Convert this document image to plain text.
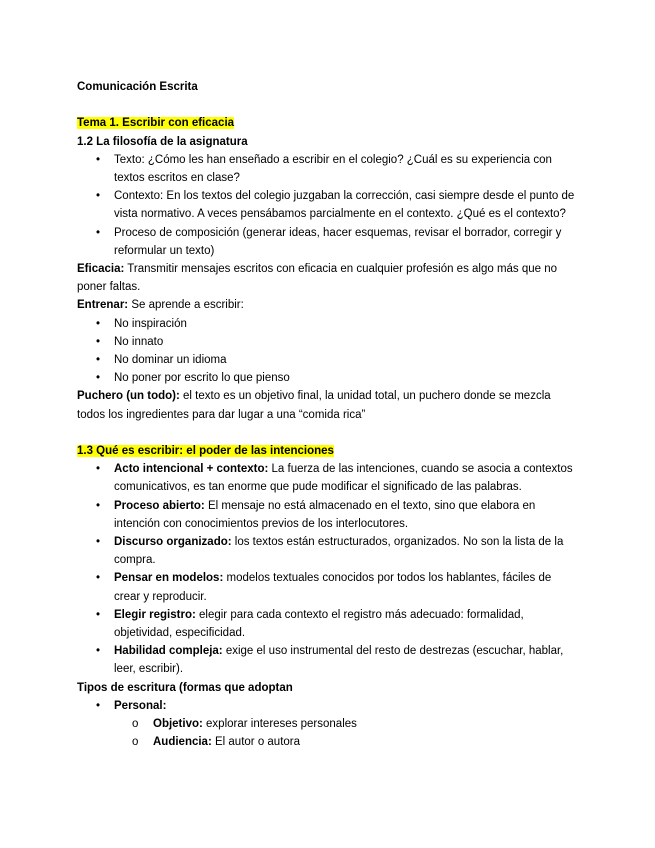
Comunicación Escrita
Tema 1. Escribir con eficacia
1.2 La filosofía de la asignatura
• Texto: ¿Cómo les han enseñado a escribir en el colegio? ¿Cuál es su experiencia con textos escritos en clase?
• Contexto: En los textos del colegio juzgaban la corrección, casi siempre desde el punto de vista normativo. A veces pensábamos parcialmente en el contexto. ¿Qué es el contexto?
• Proceso de composición (generar ideas, hacer esquemas, revisar el borrador, corregir y reformular un texto)
Eficacia: Transmitir mensajes escritos con eficacia en cualquier profesión es algo más que no poner faltas.
Entrenar: Se aprende a escribir:
• No inspiración
• No innato
• No dominar un idioma
• No poner por escrito lo que pienso
Puchero (un todo): el texto es un objetivo final, la unidad total, un puchero donde se mezcla todos los ingredientes para dar lugar a una “comida rica”
1.3 Qué es escribir: el poder de las intenciones
• Acto intencional + contexto: La fuerza de las intenciones, cuando se asocia a contextos comunicativos, es tan enorme que pude modificar el significado de las palabras.
• Proceso abierto: El mensaje no está almacenado en el texto, sino que elabora en intención con conocimientos previos de los interlocutores.
• Discurso organizado: los textos están estructurados, organizados. No son la lista de la compra.
• Pensar en modelos: modelos textuales conocidos por todos los hablantes, fáciles de crear y reproducir.
• Elegir registro: elegir para cada contexto el registro más adecuado: formalidad, objetividad, especificidad.
• Habilidad compleja: exige el uso instrumental del resto de destrezas (escuchar, hablar, leer, escribir).
Tipos de escritura (formas que adoptan
• Personal:
o Objetivo: explorar intereses personales
o Audiencia: El autor o autora
